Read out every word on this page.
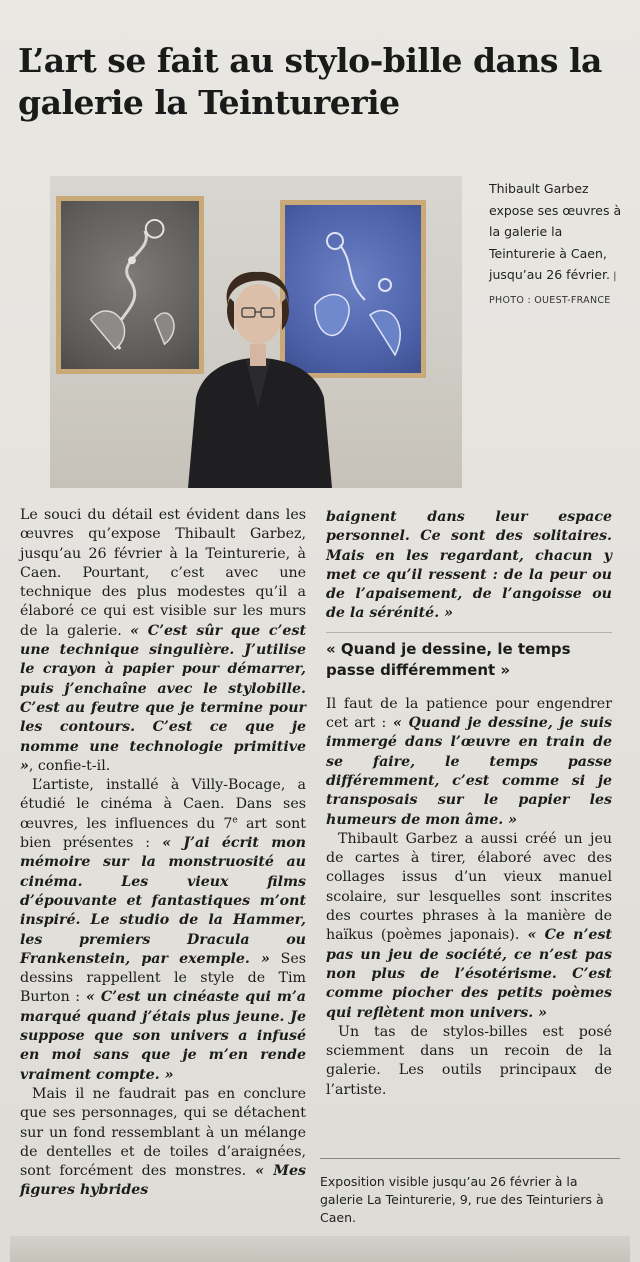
L’art se fait au stylo-bille dans la galerie la Teinturerie
Thibault Garbez expose ses œuvres à la galerie la Teinturerie à Caen, jusqu’au 26 février. | PHOTO : OUEST-FRANCE

Le souci du détail est évident dans les œuvres qu’expose Thibault Garbez, jusqu’au 26 février à la Teinturerie, à Caen. Pourtant, c’est avec une technique des plus modestes qu’il a élaboré ce qui est visible sur les murs de la galerie. « C’est sûr que c’est une technique singulière. J’utilise le crayon à papier pour démarrer, puis j’enchaîne avec le stylobille. C’est au feutre que je termine pour les contours. C’est ce que je nomme une technologie primitive », confie-t-il.

L’artiste, installé à Villy-Bocage, a étudié le cinéma à Caen. Dans ses œuvres, les influences du 7e art sont bien présentes : « J’ai écrit mon mémoire sur la monstruosité au cinéma. Les vieux films d’épouvante et fantastiques m’ont inspiré. Le studio de la Hammer, les premiers Dracula ou Frankenstein, par exemple. » Ses dessins rappellent le style de Tim Burton : « C’est un cinéaste qui m’a marqué quand j’étais plus jeune. Je suppose que son univers a infusé en moi sans que je m’en rende vraiment compte. »

Mais il ne faudrait pas en conclure que ses personnages, qui se détachent sur un fond ressemblant à un mélange de dentelles et de toiles d’araignées, sont forcément des monstres. « Mes figures hybrides

baignent dans leur espace personnel. Ce sont des solitaires. Mais en les regardant, chacun y met ce qu’il ressent : de la peur ou de l’apaisement, de l’angoisse ou de la sérénité. »

« Quand je dessine, le temps passe différemment »

Il faut de la patience pour engendrer cet art : « Quand je dessine, je suis immergé dans l’œuvre en train de se faire, le temps passe différemment, c’est comme si je transposais sur le papier les humeurs de mon âme. »

Thibault Garbez a aussi créé un jeu de cartes à tirer, élaboré avec des collages issus d’un vieux manuel scolaire, sur lesquelles sont inscrites des courtes phrases à la manière de haïkus (poèmes japonais). « Ce n’est pas un jeu de société, ce n’est pas non plus de l’ésotérisme. C’est comme piocher des petits poèmes qui reflètent mon univers. »

Un tas de stylos-billes est posé sciemment dans un recoin de la galerie. Les outils principaux de l’artiste.

Exposition visible jusqu’au 26 février à la galerie La Teinturerie, 9, rue des Teinturiers à Caen.
